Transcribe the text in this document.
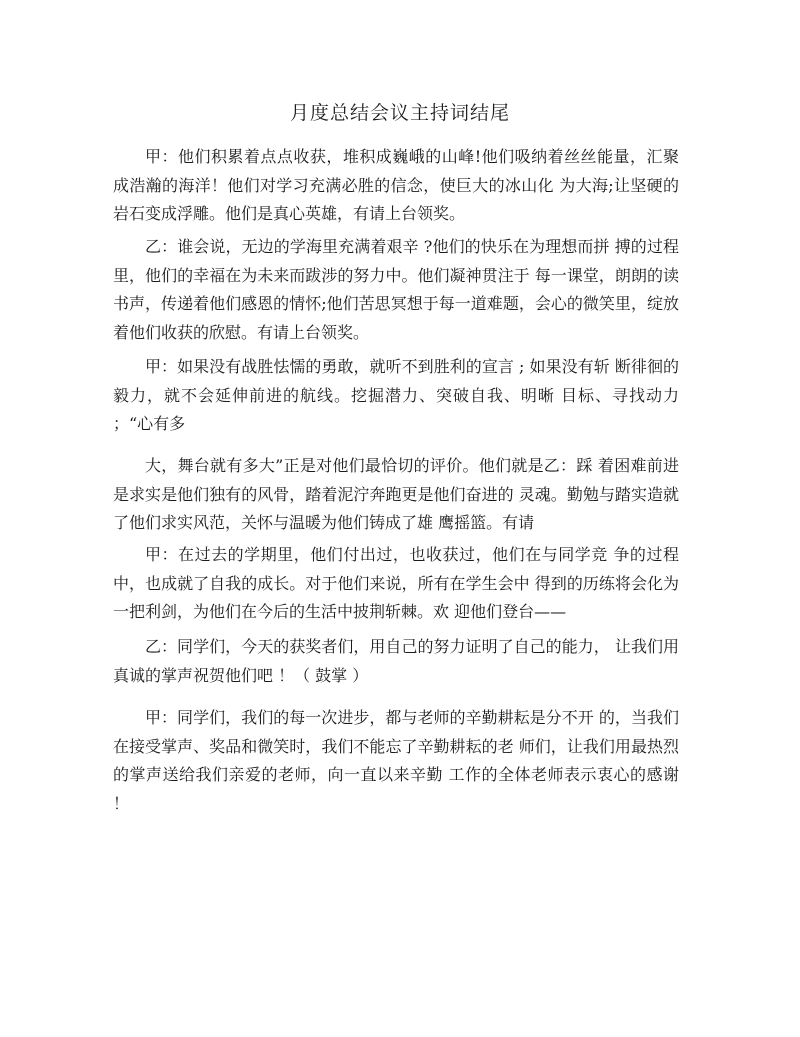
月度总结会议主持词结尾

甲：他们积累着点点收获，堆积成巍峨的山峰!他们吸纳着丝丝能量，汇聚成浩瀚的海洋！他们对学习充满必胜的信念，使巨大的冰山化 为大海;让坚硬的岩石变成浮雕。他们是真心英雄，有请上台领奖。

乙：谁会说，无边的学海里充满着艰辛 ?他们的快乐在为理想而拼 搏的过程里，他们的幸福在为未来而跋涉的努力中。他们凝神贯注于 每一课堂，朗朗的读书声，传递着他们感恩的情怀;他们苦思冥想于每一道难题，会心的微笑里，绽放着他们收获的欣慰。有请上台领奖。

甲：如果没有战胜怯懦的勇敢，就听不到胜利的宣言 ; 如果没有斩 断徘徊的毅力，就不会延伸前进的航线。挖掘潜力、突破自我、明晰 目标、寻找动力 ；“心有多

大，舞台就有多大”正是对他们最恰切的评价。他们就是乙：踩 着困难前进是求实是他们独有的风骨，踏着泥泞奔跑更是他们奋进的 灵魂。勤勉与踏实造就了他们求实风范，关怀与温暖为他们铸成了雄 鹰摇篮。有请

甲：在过去的学期里，他们付出过，也收获过，他们在与同学竞 争的过程中，也成就了自我的成长。对于他们来说，所有在学生会中 得到的历练将会化为一把利剑，为他们在今后的生活中披荆斩棘。欢 迎他们登台——

乙：同学们，今天的获奖者们，用自己的努力证明了自己的能力， 让我们用真诚的掌声祝贺他们吧 ！（ 鼓掌 ）

甲：同学们，我们的每一次进步，都与老师的辛勤耕耘是分不开 的，当我们在接受掌声、奖品和微笑时，我们不能忘了辛勤耕耘的老 师们，让我们用最热烈的掌声送给我们亲爱的老师，向一直以来辛勤 工作的全体老师表示衷心的感谢 ！
